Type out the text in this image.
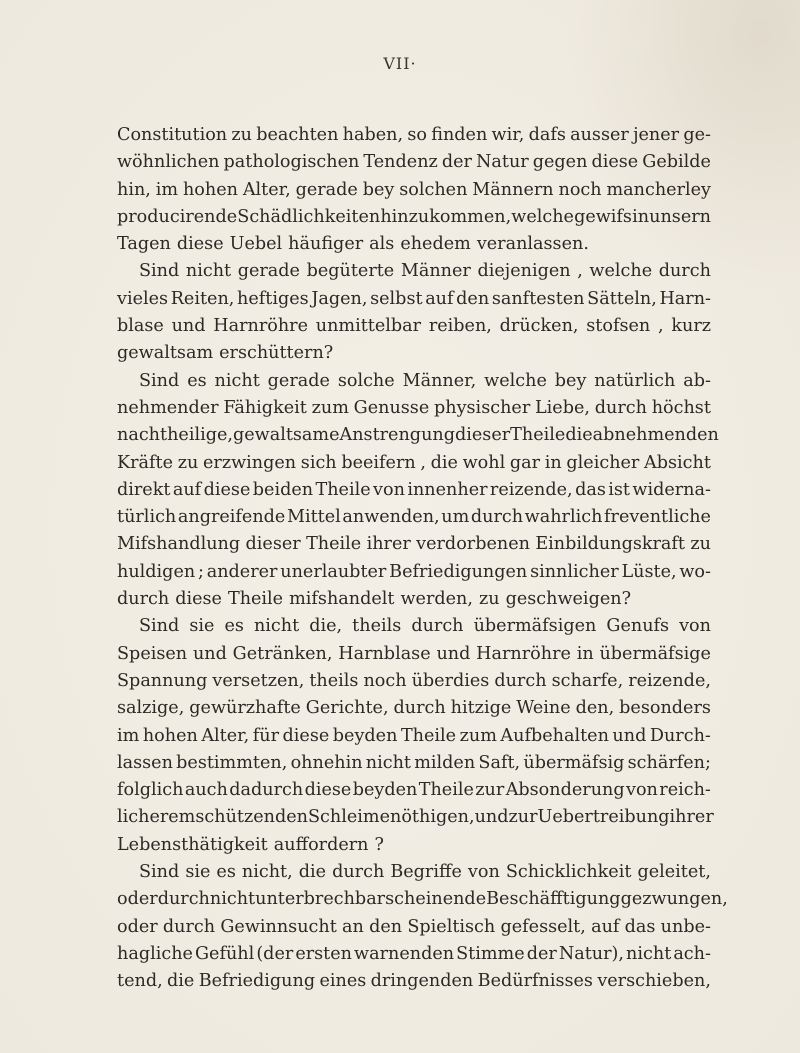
VII·
Constitution zu beachten haben, so finden wir, dafs ausser jener ge-
wöhnlichen pathologischen Tendenz der Natur gegen diese Gebilde
hin, im hohen Alter, gerade bey solchen Männern noch mancherley
producirende Schädlichkeiten hinzukommen, welche gewifs in unsern
Tagen diese Uebel häufiger als ehedem veranlassen.
Sind nicht gerade begüterte Männer diejenigen , welche durch
vieles Reiten, heftiges Jagen, selbst auf den sanftesten Sätteln, Harn-
blase und Harnröhre unmittelbar reiben, drücken, stofsen , kurz
gewaltsam erschüttern?
Sind es nicht gerade solche Männer, welche bey natürlich ab-
nehmender Fähigkeit zum Genusse physischer Liebe, durch höchst
nachtheilige, gewaltsame Anstrengung dieser Theile die abnehmenden
Kräfte zu erzwingen sich beeifern , die wohl gar in gleicher Absicht
direkt auf diese beiden Theile von innenher reizende, das ist widerna-
türlich angreifende Mittel anwenden, um durch wahrlich freventliche
Mifshandlung dieser Theile ihrer verdorbenen Einbildungskraft zu
huldigen ; anderer unerlaubter Befriedigungen sinnlicher Lüste, wo-
durch diese Theile mifshandelt werden, zu geschweigen?
Sind sie es nicht die, theils durch übermäfsigen Genufs von
Speisen und Getränken, Harnblase und Harnröhre in übermäfsige
Spannung versetzen, theils noch überdies durch scharfe, reizende,
salzige, gewürzhafte Gerichte, durch hitzige Weine den, besonders
im hohen Alter, für diese beyden Theile zum Aufbehalten und Durch-
lassen bestimmten, ohnehin nicht milden Saft, übermäfsig schärfen;
folglich auch dadurch diese beyden Theile zur Absonderung von reich-
licherem schützenden Schleime nöthigen, und zur Uebertreibung ihrer
Lebensthätigkeit auffordern ?
Sind sie es nicht, die durch Begriffe von Schicklichkeit geleitet,
oder durch nicht unterbrechbar scheinende Beschäfftigung gezwungen,
oder durch Gewinnsucht an den Spieltisch gefesselt, auf das unbe-
hagliche Gefühl (der ersten warnenden Stimme der Natur), nicht ach-
tend, die Befriedigung eines dringenden Bedürfnisses verschieben,
